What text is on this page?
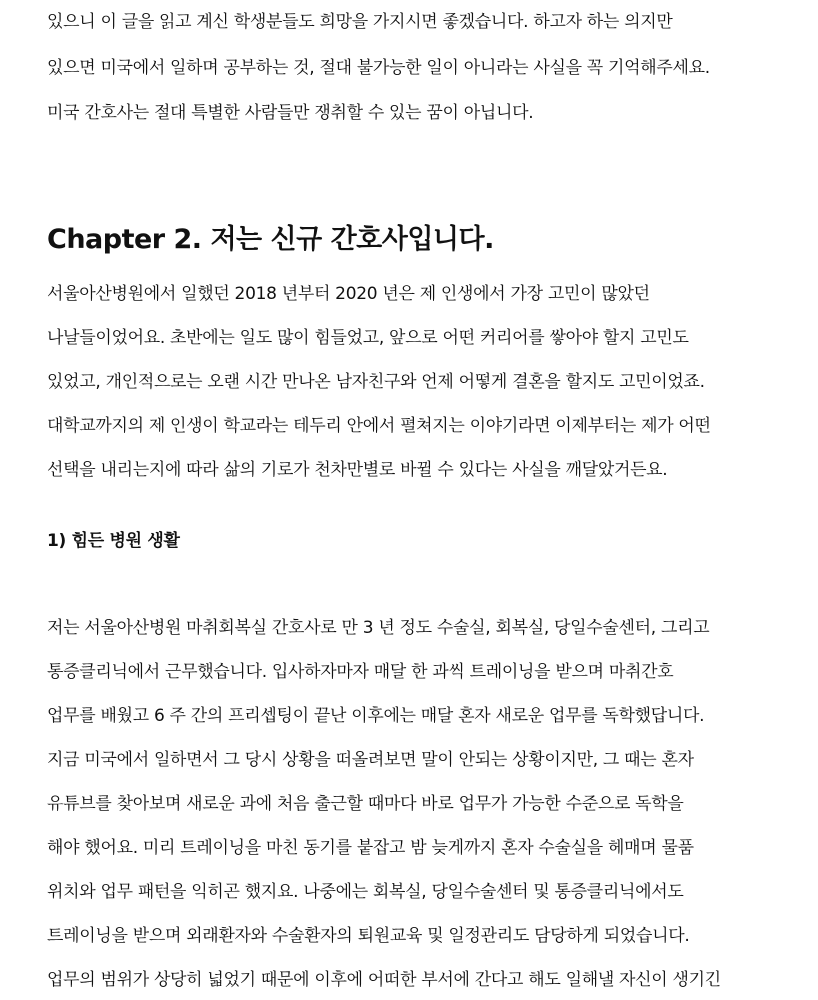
있으니 이 글을 읽고 계신 학생분들도 희망을 가지시면 좋겠습니다. 하고자 하는 의지만
있으면 미국에서 일하며 공부하는 것, 절대 불가능한 일이 아니라는 사실을 꼭 기억해주세요.
미국 간호사는 절대 특별한 사람들만 쟁취할 수 있는 꿈이 아닙니다.
Chapter 2. 저는 신규 간호사입니다.
서울아산병원에서 일했던 2018 년부터 2020 년은 제 인생에서 가장 고민이 많았던
나날들이었어요. 초반에는 일도 많이 힘들었고, 앞으로 어떤 커리어를 쌓아야 할지 고민도
있었고, 개인적으로는 오랜 시간 만나온 남자친구와 언제 어떻게 결혼을 할지도 고민이었죠.
대학교까지의 제 인생이 학교라는 테두리 안에서 펼쳐지는 이야기라면 이제부터는 제가 어떤
선택을 내리는지에 따라 삶의 기로가 천차만별로 바뀔 수 있다는 사실을 깨달았거든요.
1) 힘든 병원 생활
저는 서울아산병원 마취회복실 간호사로 만 3 년 정도 수술실, 회복실, 당일수술센터, 그리고
통증클리닉에서 근무했습니다. 입사하자마자 매달 한 과씩 트레이닝을 받으며 마취간호
업무를 배웠고 6 주 간의 프리셉팅이 끝난 이후에는 매달 혼자 새로운 업무를 독학했답니다.
지금 미국에서 일하면서 그 당시 상황을 떠올려보면 말이 안되는 상황이지만, 그 때는 혼자
유튜브를 찾아보며 새로운 과에 처음 출근할 때마다 바로 업무가 가능한 수준으로 독학을
해야 했어요. 미리 트레이닝을 마친 동기를 붙잡고 밤 늦게까지 혼자 수술실을 헤매며 물품
위치와 업무 패턴을 익히곤 했지요. 나중에는 회복실, 당일수술센터 및 통증클리닉에서도
트레이닝을 받으며 외래환자와 수술환자의 퇴원교육 및 일정관리도 담당하게 되었습니다.
업무의 범위가 상당히 넓었기 때문에 이후에 어떠한 부서에 간다고 해도 일해낼 자신이 생기긴
